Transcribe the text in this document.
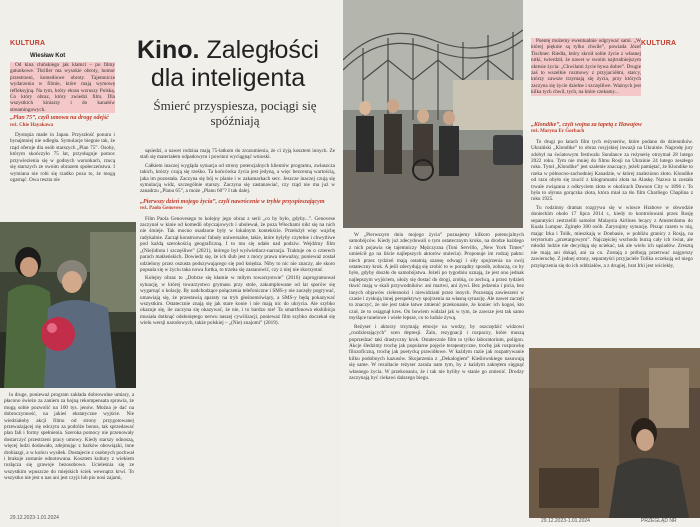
KULTURA
Wiesław Kot	Kino. Zaległości dla inteligenta
Śmierć przyspiesza, pociągi się spóźniają

Od kina chińskiego jak klamci – po filmy gatunkowe. Thriller ma wysokie obroty, humor przestrzeni, komediowe obroty. Tajemnicze wydarzenia w filmie, które mają wymowę refleksyjną. Na tym, który ekran wzruszy Polską. Co który obraz, który zwiedzi film. Dla wszystkich kiniarzy i do kanałów streamingowych.

„Plan 75”, czyli umowa na drogę odejść
reż. Chie Hayakawa

Dystopia made in Japan. Przyszłość ponura i bynajmniej nie odległa. Symulacje biegnie tak, że rząd oferuje dla osób starszych „Plan 75”. Osoby, którym skończyło 75 lat, przysługuje pomoc przywiezienia się w godnych warunkach, rzucą się starszych ze swoim obrazem społeczeństwa. I wymiana nie robi się rzadko poza to, że mogą ogarnąć. Owa reszta nie

sąsiedzi, a nawet rodzina mają 75-latkom do zrozumienia, że ci żyją kosztem innych. Ze stali się materiałem odpadowym i powinni wyciągnąć wnioski.

Całkiem inaczej wygląda sytuacja od strony potencjalnych klientów programu, zwłaszcza takich, którzy czują się rześko. Ta końcówka życia jest jedyną, a więc bezcenną wartością, jaka im pozostała. Zaczyna się bój w planie i w zakamarkach serc. Jeszcze inaczej czują się symulacją widz, szczególnie starszy. Zaczyna się zastanawiać, czy rząd nie ma już w zanadrzu „Planu 65”, a może „Planu 60”? I tak dalej.

„Pierwszy dzień mojego życia”, czyli nawrócenie w trybie przyspieszającym
reż. Paolo Genovese

Film Paola Genovesego to kolejny jego obraz z serii „co by było, gdyby...”. Genovese zaczynał w kinie od komedii obyczajowych i ubolewał, że poza Włochami nikt się na nich nie śmieje. Tak mocno osadzone były w lokalnym kontekście. Przełożył więc wajchę radykalnie. Zaczął konstruować fabuły uniwersalne, takie, które byłyby czytelne i chwytliwe pod każdą szerokością geograficzną. I to mu się udało nad podziw. Wejdźmy film „(Nie)idiota i szczęśliwe” (2021), którego był wyświetlacz-narracja. Traktuje on o czterech parach małżeńskich. Dowiedz się, że ich ślub jest z mocy prawa nieważny, ponieważ został udzielony przez oszusta podszywającego się pod księdza. Niby to nic nie znaczy, ale skoro popsuła się w życiu taka nowa furtka, to trzeba się zastanowić, czy z niej nie skorzystać.

Kolejny obraz to „Dobrze się kłamie w miłym towarzystwie” (2016) zaprogramował sytuację, w której towarzystwo grymasu przy stole, zakumplowane od lat sporów się wygarnąć o kolację. By nadchodzące połączenia telefoniczne i SMS-y nie zaczęły pogrywać, umawiają się, że przestawią aparaty na tryb głośnomówiący, a SMS-y będą pokazywać wszystkim. Ostatecznie znają się jak stare konie i nie mają nic do ukrycia. Ale szybko okazuje się, ile zaczyna się okazywać, że nie, i to bardzo nie! Ta smartfonowa ekshibicja musiała dotknąć odsłoniętego nerwu naszej cywilizacji, ponieważ film szybko doczekał się wielu wersji narodowych, także polskiej – „(Nie) znajomi” (2019).

lu druge, ponieważ program zakłada dobrowolne umiary, a płacono świeżo za zaniem za hojną rekompensata sprawia, że mogą sobie pozwolić na 100 tys. jenów. Można je dać na dobroczynność, na jakieś ekstatyczne wyjście. Nie wiedziałoby akcji filmu od strony przygotowanej przeważającej się odczytu za podróże bonus, tak sprzedawać plan fali i formy spełnienia. Szeroka pomocy nie przenowały dostarczyć przestrzeni pracy umowy. Kiedy starszy odnoszą, więcej ludzi dodawało, zdejmując z barków obowiązki, inne drobiazgi, a w końcu wysiłek. Dostajecie z osobnych pochwał i brakuje zostanie odnotowana. Kosztem kultury z wiekiem rozłącza się grawoje bezosobowo. Ucieleśnia się ze wszystkim wpuszcze do miejskich ściek wewnątrz krwi. To wszystko nie jest u nas ani jest czyjś lub pio nosi zajami,

29.12.2023-1.01.2024
KULTURA

Puentę możemy ewentualnie odgrywać sami. „W której pięknie są tylko chwile”, powiada Józef Tischner. Riedla, który skroił sobie życie z własnej nitki, twierdził, że nawet w swoim najtrudniejszym okresie życia: „Chwilami życie bywa dobre”. Drugie zaś to wszelkie rozmowy z przyjaciółmi, starcy, którzy zawsze trzymają się życia, przy których zaczyna się życie dzielne i szczęśliwe. Ważnych jest kilka tych chwil, tych, na które czekamy...

„Klondike”, czyli wojna za tapetą z Hawajów
reż. Maryna Er Gorbach

To drugi po latach film tych reżyserów, które podano do dzienników. Ukraiński „Klondike” to obraz rosyjskiej inwazji na Ukrainie. Nagrodę jury zdobył na światowym festiwalu Sundance za reżyserię otrzymał 28 lutego 2022 roku. Tym nie mniej do filmu Rosji na Ukrainie 24 lutego zeszłego roku. Tytuł „Klondike” jest szalenie znaczący, jeżeli pamiętać, że Klondike to rzeka w północno-zachodniej Kanadzie, w której znaleziono złoto. Klondike od razu obyło się rzucić z kilogramami złota na Alaskę. Nazwa ta została trwale związana z odkryciem złota w okolicach Dawson City w 1896 r. To była to słynna gorączka złota, która miał za tło film Charliego Chaplina z roku 1925.

Tu rodzinny dramat rozgrywa się w wiosce Hrabove w obwodzie donieckim około 17 lipca 2014 r., kiedy to kontrolowani przez Rosję separatyści zestrzelili samolot Malaysia Airlines lecący z Amsterdamu do Kuala Lumpur. Zginęło 300 osób. Zarysujmy sytuację. Pisząc razem w nią, mając Irka i Tolik, mieszkają w Donbasie, w pobliżu granicy z Rosją, na terytorium „przetargowym”. Najczęściej wschodu burzą cały ich świat, ale młodzi ludzie nie decydują się uciekać, tak ale wielu ich sąsiadów. Zresztą nie mają ani dokąd, ani za co. Zostają z próbują przetrwać najgorszy zawieruchę. Z jednej strony, separatyści przyjaciele Tolika oczekują od niego przyłączenia się do ich oddziałów, a z drugiej, brat Irki jest wściekły,

W „Pierwszym dniu mojego życia” poznajemy kilkoro potencjalnych samobójców. Kiedy już zdecydowali o tym ostatecznym kroku, na drodze każdego z nich pojawia się tajemniczy Mężczyzna (Toni Servillo, „New York Times” umieścił go na liście najlepszych aktorów stulecia). Proponuje im rodzaj paktu: niech przez tydzień mają ostatnią szansę odwagi i siły spojrzenia na swój ostateczny krok. A jeśli zdecydują się zrobić to w porządny sposób, zobaczą, co by było, gdyby doszło do samobójstwa. Jeżeli po tygodniu uznają, że jest ono jednak najlepszym wyjściem, ułoży się dostać do drogi, zrobią, co zechcą, a przez tydzień tkwić mają w skali przywodników: ani martwi, ani żywi. Bez jedzenia i picia, bez innych objawów cielesności i niewidziani przez innych. Pozostają zawieszeni w czasie i zyskują innej perspektywy spojrzenia na własną sytuację. Ale nawet zaczęli to znaczyć, że nie jest takie łatwe zmienić przekonanie, że koniec ich kogoś, kto czuł, że to osiągnął kres. On bowiem widział jak w tym, że zawsze jest tak samo myślące tunelowe i wiele lepsze, co to ludzie żywą.

Reżyser i aktorzy trzymają emocje na wodzy, by oszczędzić widzowi „rozdzierających” scen depresji. Żalu, rezygnacji i rozpaczy, które muszą poprzedzać taki drastyczny krok. Ostatecznie film to tylko laboratorium, poligon. Akcje śledzimy trochę jak popularne pojęcie terapeutyczne, trochę jak rozprawkę filozoficzną, trochę jak poetycką prawidłowe. W każdym razie jak rozpatrywanie kilku podobnych kazusów. Skojarzenia z „Dekalogiem” Kieślowskiego nasuwają się same. W rezultacie reżyser zaraża nam tym, by z każdym zakrętem sięgnąć własnego życia. W przekonaniu, że i tak nie byliby w stanie go zmienić. Drodzy zaczynają być ciekawi dalszego biegu.

29.12.2023-1.01.2024	PRZEGLĄD NR
